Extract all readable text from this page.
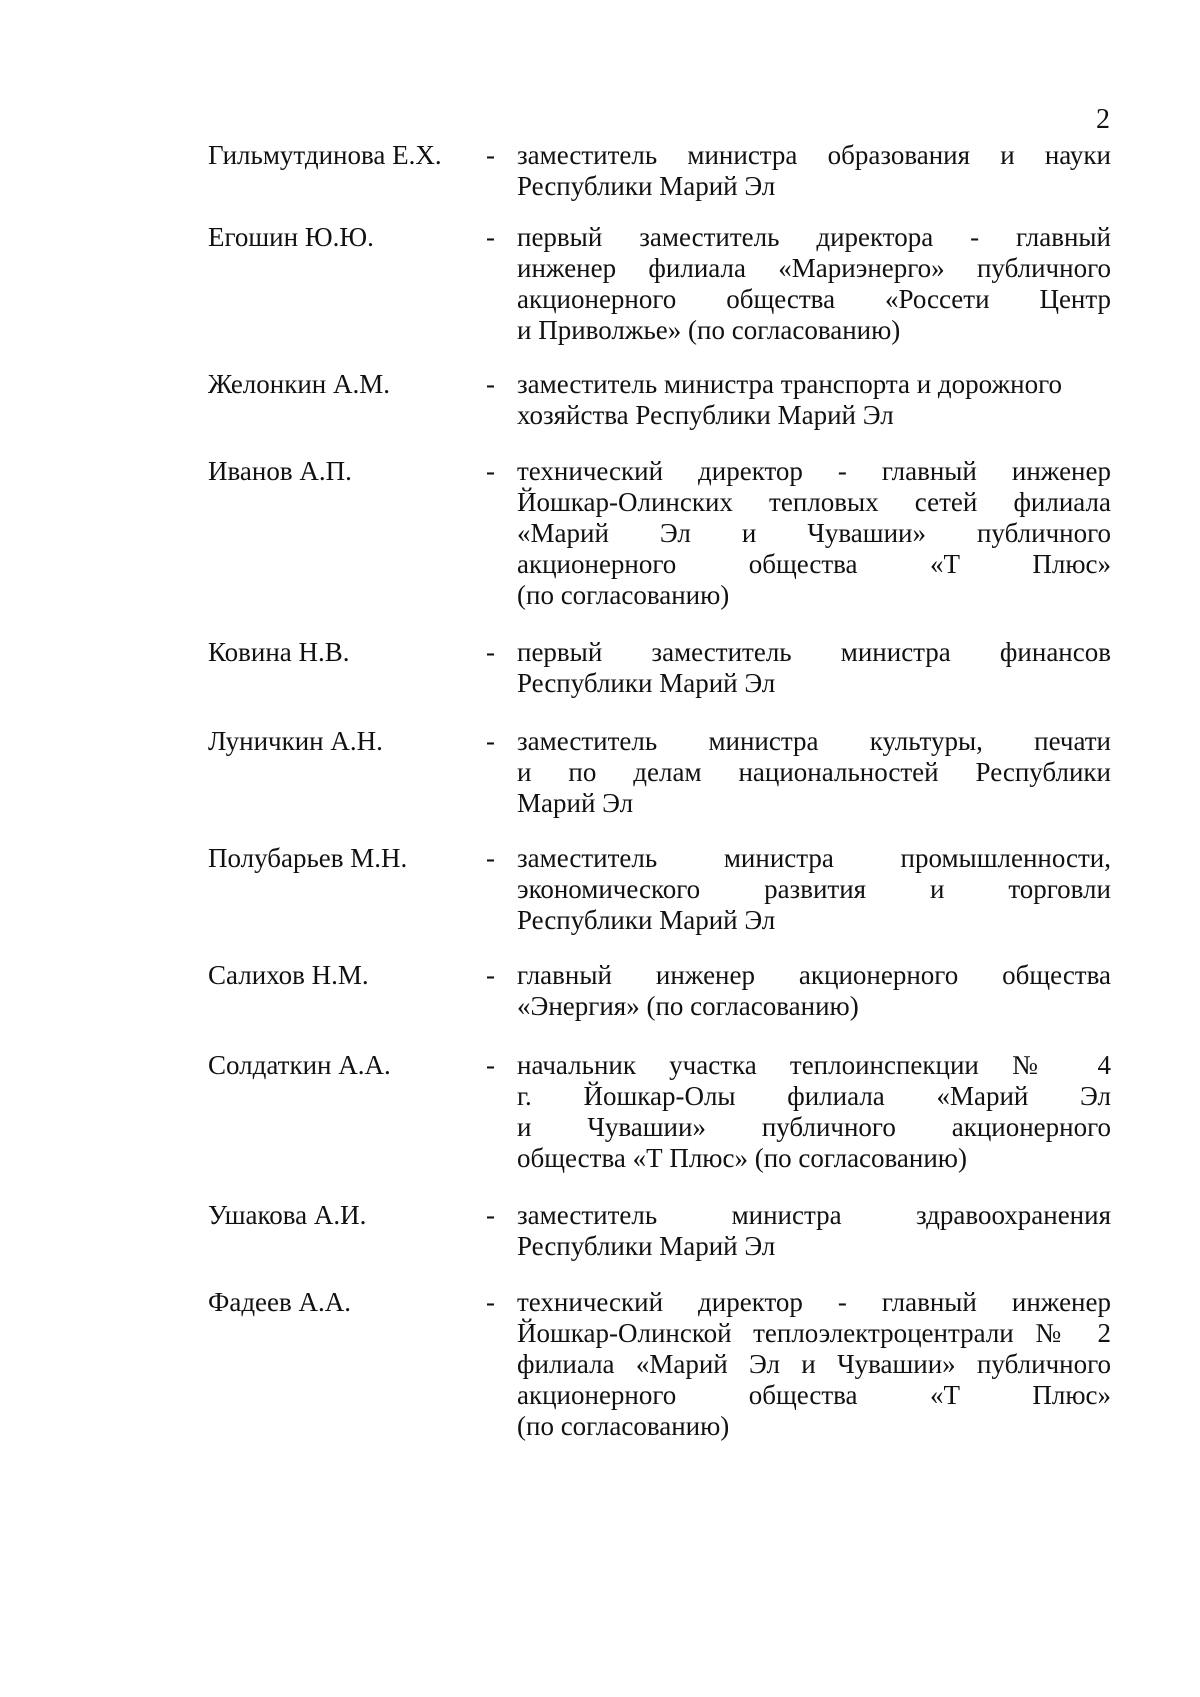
2
Гильмутдинова Е.Х. - заместитель министра образования и науки
Республики Марий Эл
Егошин Ю.Ю.	- первый заместитель директора - главный
инженер филиала «Мариэнерго» публичного
акционерного общества «Россети Центр
и Приволжье» (по согласованию)
Желонкин А.М.	- заместитель министра транспорта и дорожного
хозяйства Республики Марий Эл
Иванов А.П.	- технический директор - главный инженер
Йошкар-Олинских тепловых сетей филиала
«Марий Эл и Чувашии» публичного
акционерного общества «Т Плюс»
(по согласованию)
Ковина Н.В.	- первый заместитель министра финансов
Республики Марий Эл
Луничкин А.Н.	- заместитель министра культуры, печати
и по делам национальностей Республики
Марий Эл
Полубарьев М.Н.	- заместитель министра промышленности,
экономического развития и торговли
Республики Марий Эл
Салихов Н.М.	- главный инженер акционерного общества
«Энергия» (по согласованию)
Солдаткин А.А.	- начальник участка теплоинспекции № 4
г. Йошкар-Олы филиала «Марий Эл
и Чувашии» публичного акционерного
общества «Т Плюс» (по согласованию)
Ушакова А.И.	- заместитель министра здравоохранения
Республики Марий Эл
Фадеев А.А.	- технический директор - главный инженер
Йошкар-Олинской теплоэлектроцентрали № 2
филиала «Марий Эл и Чувашии» публичного
акционерного общества «Т Плюс»
(по согласованию)
